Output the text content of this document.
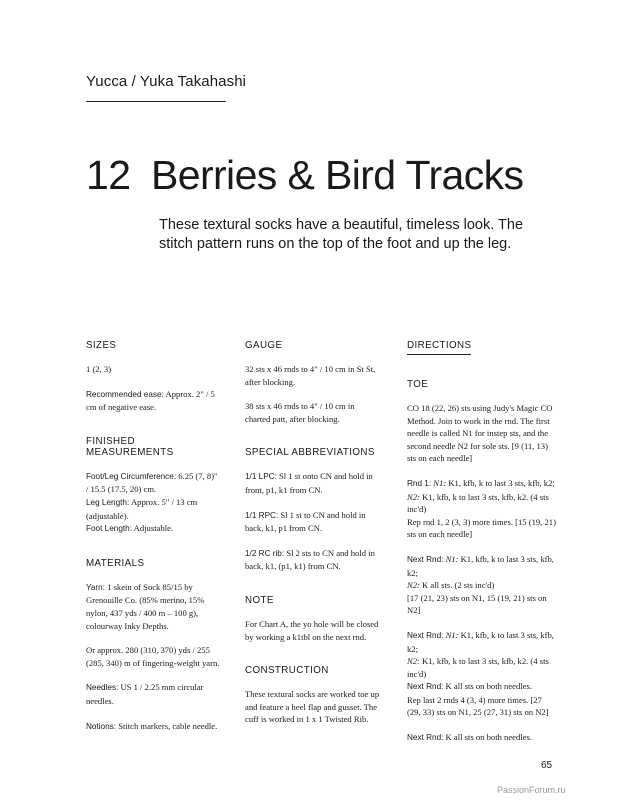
Yucca / Yuka Takahashi
12 Berries & Bird Tracks
These textural socks have a beautiful, timeless look. The stitch pattern runs on the top of the foot and up the leg.
SIZES
1 (2, 3)
Recommended ease: Approx. 2" / 5 cm of negative ease.
FINISHED MEASUREMENTS
Foot/Leg Circumference: 6.25 (7, 8)" / 15.5 (17.5, 20) cm.
Leg Length: Approx. 5" / 13 cm (adjustable).
Foot Length: Adjustable.
MATERIALS
Yarn: 1 skein of Sock 85/15 by Grenouille Co. (85% merino, 15% nylon, 437 yds / 400 m – 100 g), colourway Inky Depths.
Or approx. 280 (310, 370) yds / 255 (285, 340) m of fingering-weight yarn.
Needles: US 1 / 2.25 mm circular needles.
Notions: Stitch markers, cable needle.
GAUGE
32 sts x 46 rnds to 4" / 10 cm in St St, after blocking.
38 sts x 46 rnds to 4" / 10 cm in charted patt, after blocking.
SPECIAL ABBREVIATIONS
1/1 LPC: Sl 1 st onto CN and hold in front, p1, k1 from CN.
1/1 RPC: Sl 1 st to CN and hold in back, k1, p1 from CN.
1/2 RC rib: Sl 2 sts to CN and hold in back, k1, (p1, k1) from CN.
NOTE
For Chart A, the yo hole will be closed by working a k1tbl on the next rnd.
CONSTRUCTION
These textural socks are worked toe up and feature a heel flap and gusset. The cuff is worked in 1 x 1 Twisted Rib.
DIRECTIONS
TOE
CO 18 (22, 26) sts using Judy's Magic CO Method. Join to work in the rnd. The first needle is called N1 for instep sts, and the second needle N2 for sole sts. [9 (11, 13) sts on each needle]
Rnd 1: N1: K1, kfb, k to last 3 sts, kfb, k2;
N2: K1, kfb, k to last 3 sts, kfb, k2. (4 sts inc'd)
Rep rnd 1, 2 (3, 3) more times. [15 (19, 21) sts on each needle]
Next Rnd: N1: K1, kfb, k to last 3 sts, kfb, k2;
N2: K all sts. (2 sts inc'd)
[17 (21, 23) sts on N1, 15 (19, 21) sts on N2]
Next Rnd: N1: K1, kfb, k to last 3 sts, kfb, k2;
N2: K1, kfb, k to last 3 sts, kfb, k2. (4 sts inc'd)
Next Rnd: K all sts on both needles.
Rep last 2 rnds 4 (3, 4) more times. [27 (29, 33) sts on N1, 25 (27, 31) sts on N2]
Next Rnd: K all sts on both needles.
65
PassionForum.ru
